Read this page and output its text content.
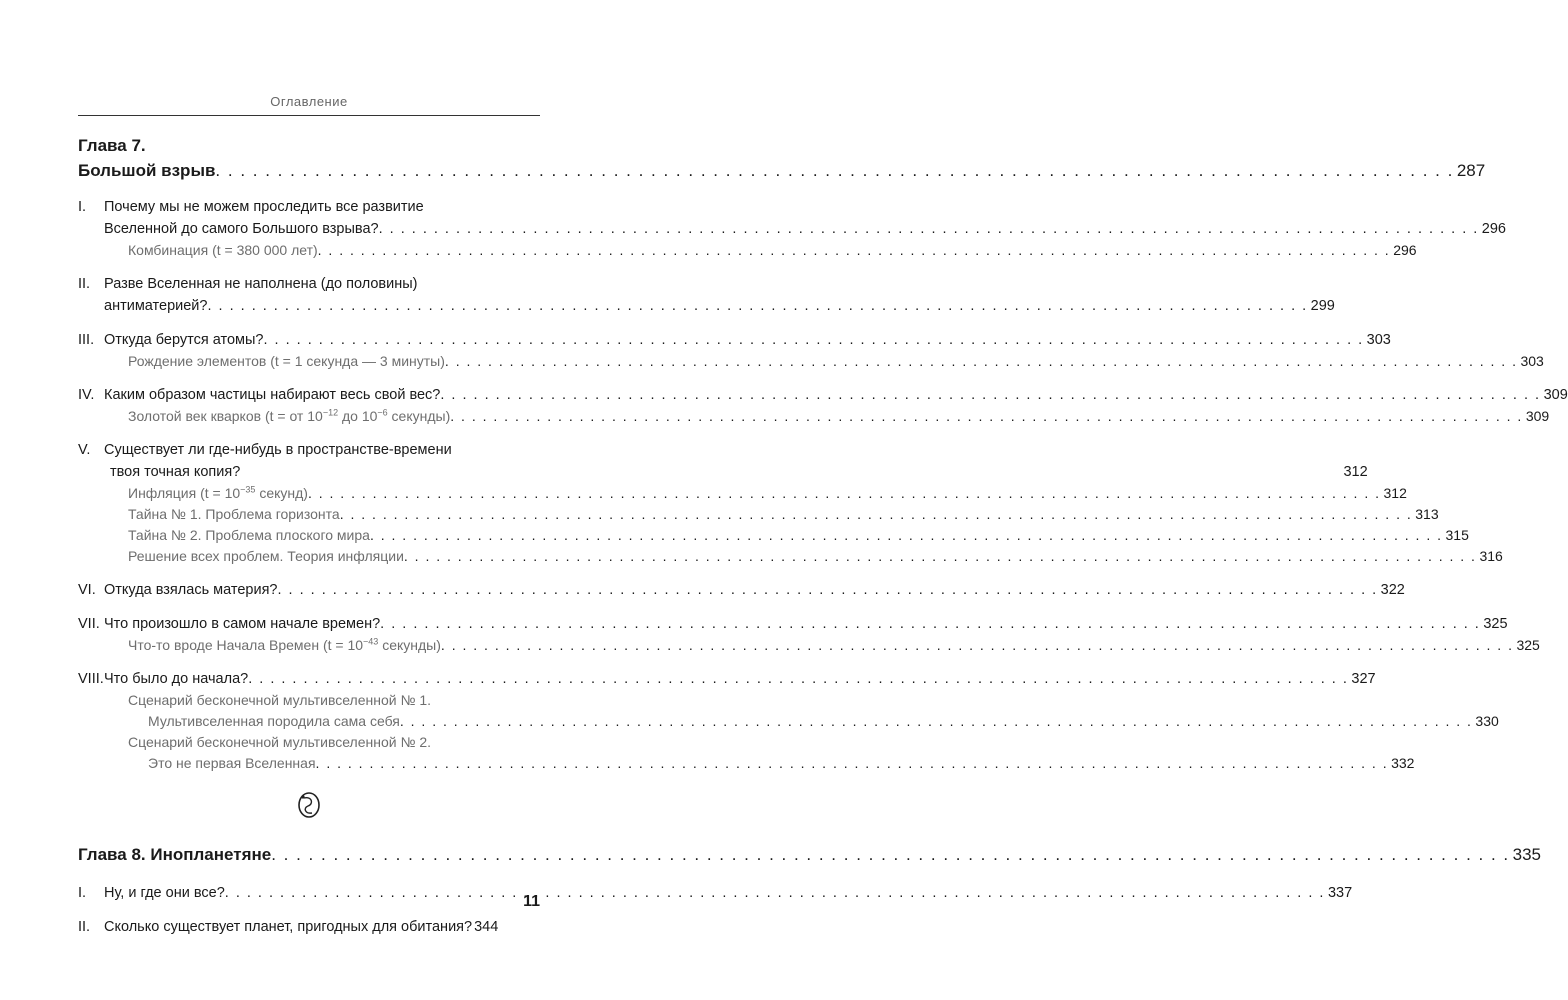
Оглавление
Глава 7.
Большой взрыв . . .	287
I.	Почему мы не можем проследить все развитие
Вселенной до самого Большого взрыва? . . .	296
Комбинация (t = 380 000 лет) . . .	296
II. Разве Вселенная не наполнена (до половины)
антиматерией? . . .	299
III. Откуда берутся атомы? . . .	303
Рождение элементов (t = 1 секунда — 3 минуты) . . .	303
IV. Каким образом частицы набирают весь свой вес? . . .	309
Золотой век кварков (t = от $10^{-12}$ до $10^{-6}$ секунды) . . .	309
V. Существует ли где-нибудь в пространстве-времени
твоя точная копия?	312
Инфляция ($t = 10^{-35}$ секунд) . . .	312
Тайна № 1. Проблема горизонта . . .	313
Тайна № 2. Проблема плоского мира . . .	315
Решение всех проблем. Теория инфляции . . .	316
VI. Откуда взялась материя? . . .	322
VII. Что произошло в самом начале времен? . . .	325
Что-то вроде Начала Времен ($t = 10^{-43}$ секунды) . . .	325
VIII. Что было до начала? . . .	327
Сценарий бесконечной мультивселенной № 1.
Мультивселенная породила сама себя . . .	330
Сценарий бесконечной мультивселенной № 2.
Это не первая Вселенная . . .	332
Глава 8. Инопланетяне . . .	335
I.	Ну, и где они все? . . .	337
II. Сколько существует планет, пригодных для обитания? 344
11
